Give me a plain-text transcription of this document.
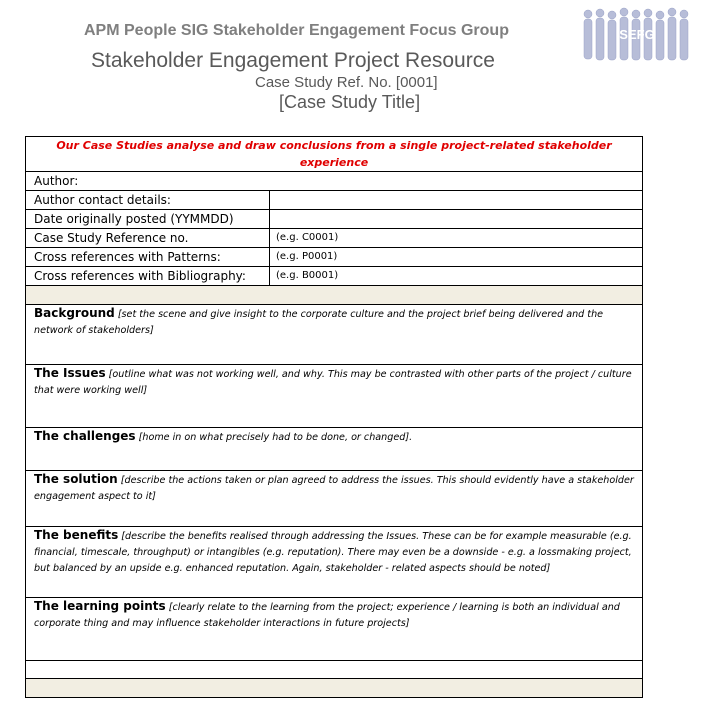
APM People SIG Stakeholder Engagement Focus Group
Stakeholder Engagement Project Resource
Case Study Ref. No. [0001]
[Case Study Title]
SEFG
Our Case Studies analyse and draw conclusions from a single project-related stakeholder experience	
Author:	
Author contact details:	
Date originally posted (YYMMDD)	
Case Study Reference no.	(e.g. C0001)
Cross references with Patterns:	(e.g. P0001)
Cross references with Bibliography:	(e.g. B0001)

Background [set the scene and give insight to the corporate culture and the project brief being delivered and the network of stakeholders]	
The Issues [outline what was not working well, and why. This may be contrasted with other parts of the project / culture that were working well]	
The challenges [home in on what precisely had to be done, or changed].	
The solution [describe the actions taken or plan agreed to address the issues. This should evidently have a stakeholder engagement aspect to it]	
The benefits [describe the benefits realised through addressing the Issues. These can be for example measurable (e.g. financial, timescale, throughput) or intangibles (e.g. reputation). There may even be a downside - e.g. a lossmaking project, but balanced by an upside e.g. enhanced reputation. Again, stakeholder - related aspects should be noted]	
The learning points [clearly relate to the learning from the project; experience / learning is both an individual and corporate thing and may influence stakeholder interactions in future projects]	
